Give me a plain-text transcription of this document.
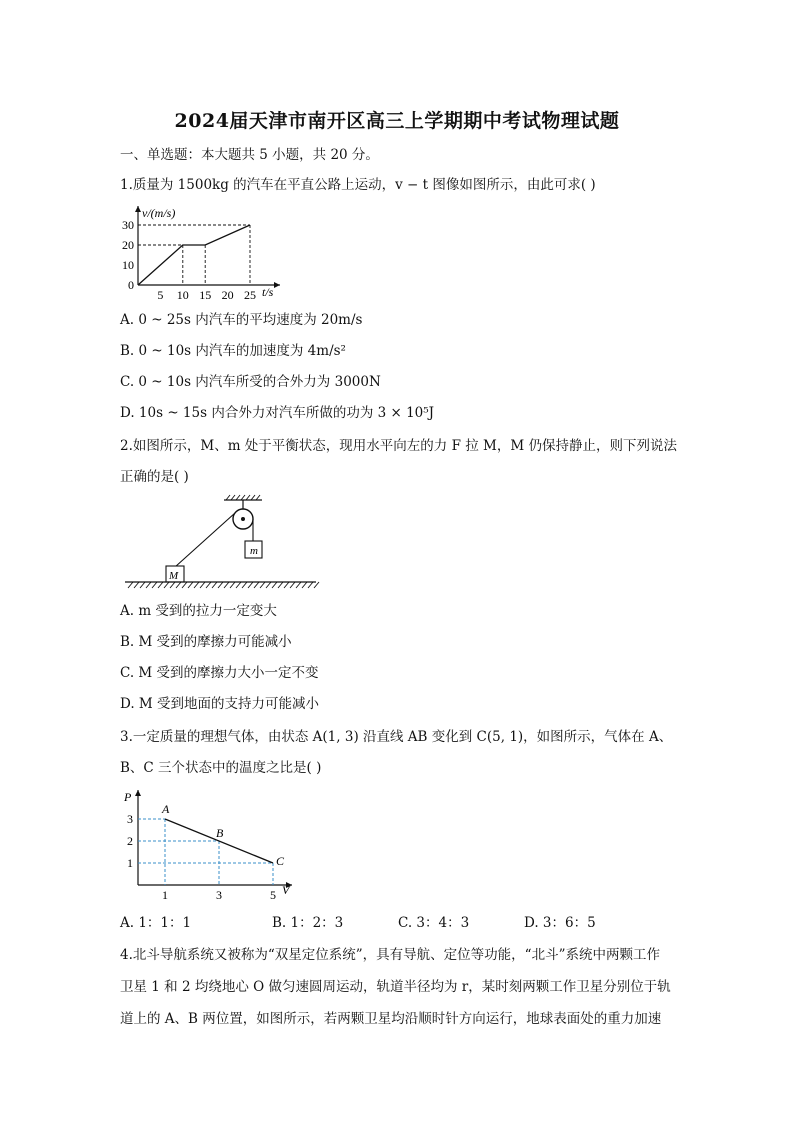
2024届天津市南开区高三上学期期中考试物理试题
一、单选题：本大题共 5 小题，共 20 分。
1.质量为 1500kg 的汽车在平直公路上运动，v − t 图像如图所示，由此可求( )
5 10 15 20 25
0
10
20
30
v/(m/s)
t/s
A. 0 ~ 25s 内汽车的平均速度为 20m/s
B. 0 ~ 10s 内汽车的加速度为 4m/s²
C. 0 ~ 10s 内汽车所受的合外力为 3000N
D. 10s ~ 15s 内合外力对汽车所做的功为 3 × 10⁵J
2.如图所示，M、m 处于平衡状态，现用水平向左的力 F 拉 M，M 仍保持静止，则下列说法
正确的是( )
m
M
A. m 受到的拉力一定变大
B. M 受到的摩擦力可能减小
C. M 受到的摩擦力大小一定不变
D. M 受到地面的支持力可能减小
3.一定质量的理想气体，由状态 A(1, 3) 沿直线 AB 变化到 C(5, 1)，如图所示，气体在 A、
B、C 三个状态中的温度之比是( )
A
B
C
1	3	5
1
2
3
P
V
A. 1：1：1	B. 1：2：3	C. 3：4：3	D. 3：6：5
4.北斗导航系统又被称为“双星定位系统”，具有导航、定位等功能，“北斗”系统中两颗工作
卫星 1 和 2 均绕地心 O 做匀速圆周运动，轨道半径均为 r，某时刻两颗工作卫星分别位于轨
道上的 A、B 两位置，如图所示，若两颗卫星均沿顺时针方向运行，地球表面处的重力加速
